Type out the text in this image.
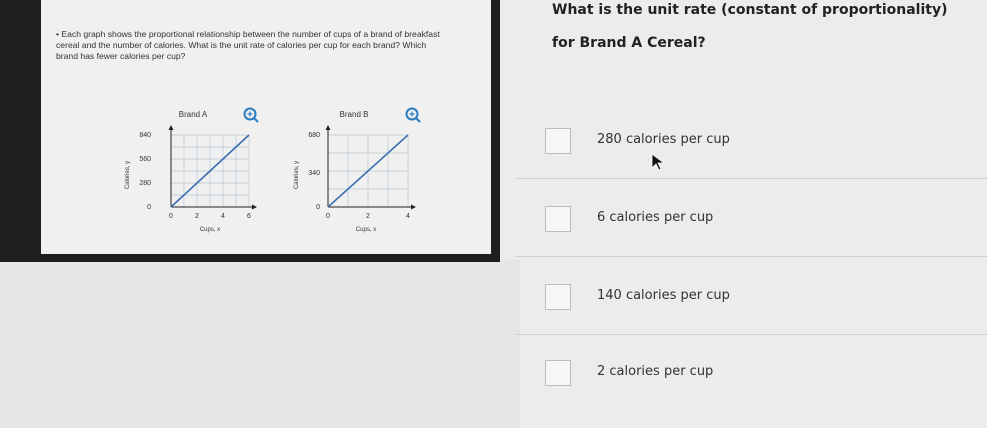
• Each graph shows the proportional relationship between the number of cups of a brand of breakfast cereal and the number of calories. What is the unit rate of calories per cup for each brand? Which brand has fewer calories per cup?
Brand A
840
560
280
0
0	2	4	6
Cups, x
Calories, y
Brand B
680
340
0
0	2	4
Cups, x
Calories, y
What is the unit rate (constant of proportionality)
for Brand A Cereal?
280 calories per cup
6 calories per cup
140 calories per cup
2 calories per cup
